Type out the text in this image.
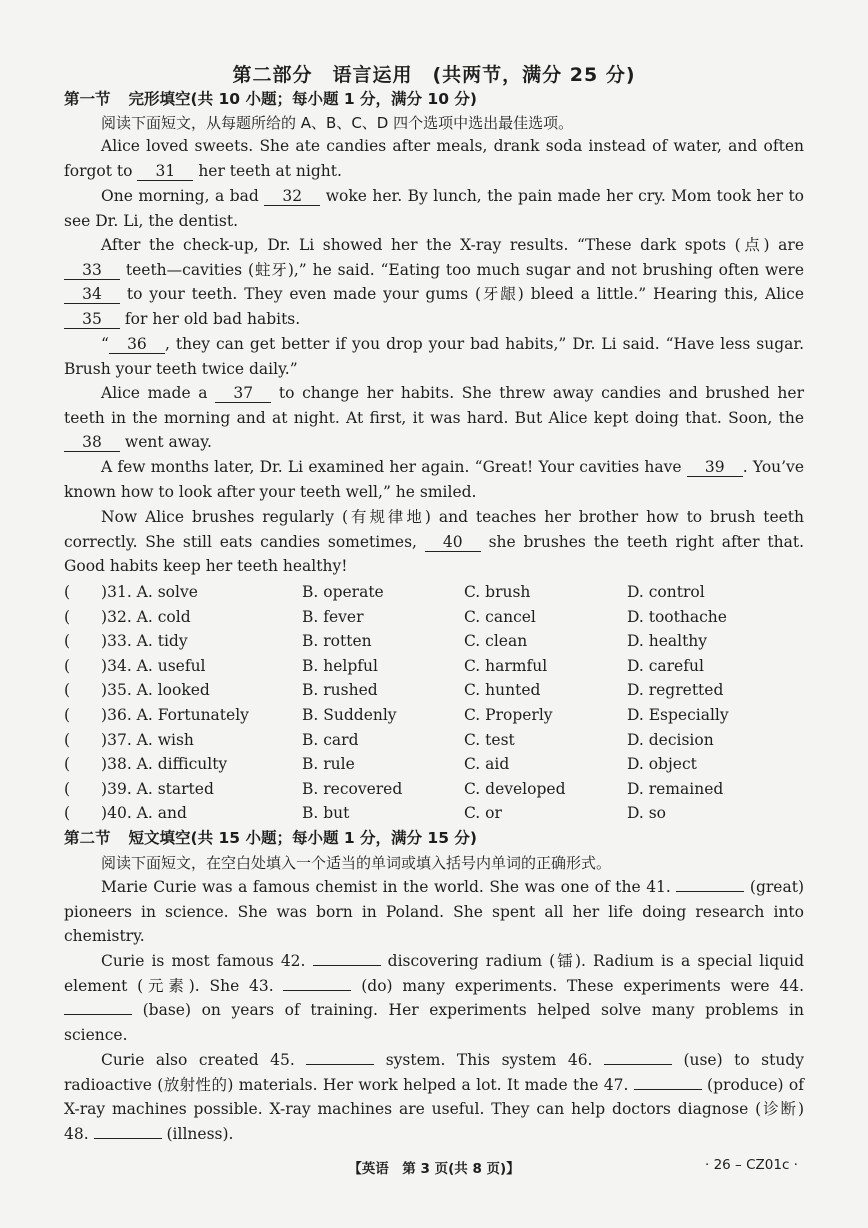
第二部分　语言运用　(共两节，满分 25 分)
第一节 完形填空(共 10 小题；每小题 1 分，满分 10 分)
阅读下面短文，从每题所给的 A、B、C、D 四个选项中选出最佳选项。
Alice loved sweets. She ate candies after meals, drank soda instead of water, and often forgot to 31 her teeth at night.
One morning, a bad 32 woke her. By lunch, the pain made her cry. Mom took her to see Dr. Li, the dentist.
After the check-up, Dr. Li showed her the X-ray results. “These dark spots (点) are 33 teeth—cavities (蛀牙),” he said. “Eating too much sugar and not brushing often were 34 to your teeth. They even made your gums (牙龈) bleed a little.” Hearing this, Alice 35 for her old bad habits.
“ 36 , they can get better if you drop your bad habits,” Dr. Li said. “Have less sugar. Brush your teeth twice daily.”
Alice made a 37 to change her habits. She threw away candies and brushed her teeth in the morning and at night. At first, it was hard. But Alice kept doing that. Soon, the 38 went away.
A few months later, Dr. Li examined her again. “Great! Your cavities have 39 . You’ve known how to look after your teeth well,” he smiled.
Now Alice brushes regularly (有规律地) and teaches her brother how to brush teeth correctly. She still eats candies sometimes, 40 she brushes the teeth right after that. Good habits keep her teeth healthy!
(　　)31. A. solve	B. operate	C. brush	D. control
(　　)32. A. cold	B. fever	C. cancel	D. toothache
(　　)33. A. tidy	B. rotten	C. clean	D. healthy
(　　)34. A. useful	B. helpful	C. harmful	D. careful
(　　)35. A. looked	B. rushed	C. hunted	D. regretted
(　　)36. A. Fortunately	B. Suddenly	C. Properly	D. Especially
(　　)37. A. wish	B. card	C. test	D. decision
(　　)38. A. difficulty	B. rule	C. aid	D. object
(　　)39. A. started	B. recovered	C. developed	D. remained
(　　)40. A. and	B. but	C. or	D. so
第二节 短文填空(共 15 小题；每小题 1 分，满分 15 分)
阅读下面短文，在空白处填入一个适当的单词或填入括号内单词的正确形式。
Marie Curie was a famous chemist in the world. She was one of the 41.	(great) pioneers in science. She was born in Poland. She spent all her life doing research into chemistry.
Curie is most famous 42.	discovering radium (镭). Radium is a special liquid element (元素). She 43.	(do) many experiments. These experiments were 44.  (base) on years of training. Her experiments helped solve many problems in science.
Curie also created 45.	system. This system 46.	(use) to study radioactive (放射性的) materials. Her work helped a lot. It made the 47.	(produce) of X-ray machines possible. X-ray machines are useful. They can help doctors diagnose (诊断) 48.	(illness).
【英语　第 3 页(共 8 页)】	· 26 – CZ01c ·
